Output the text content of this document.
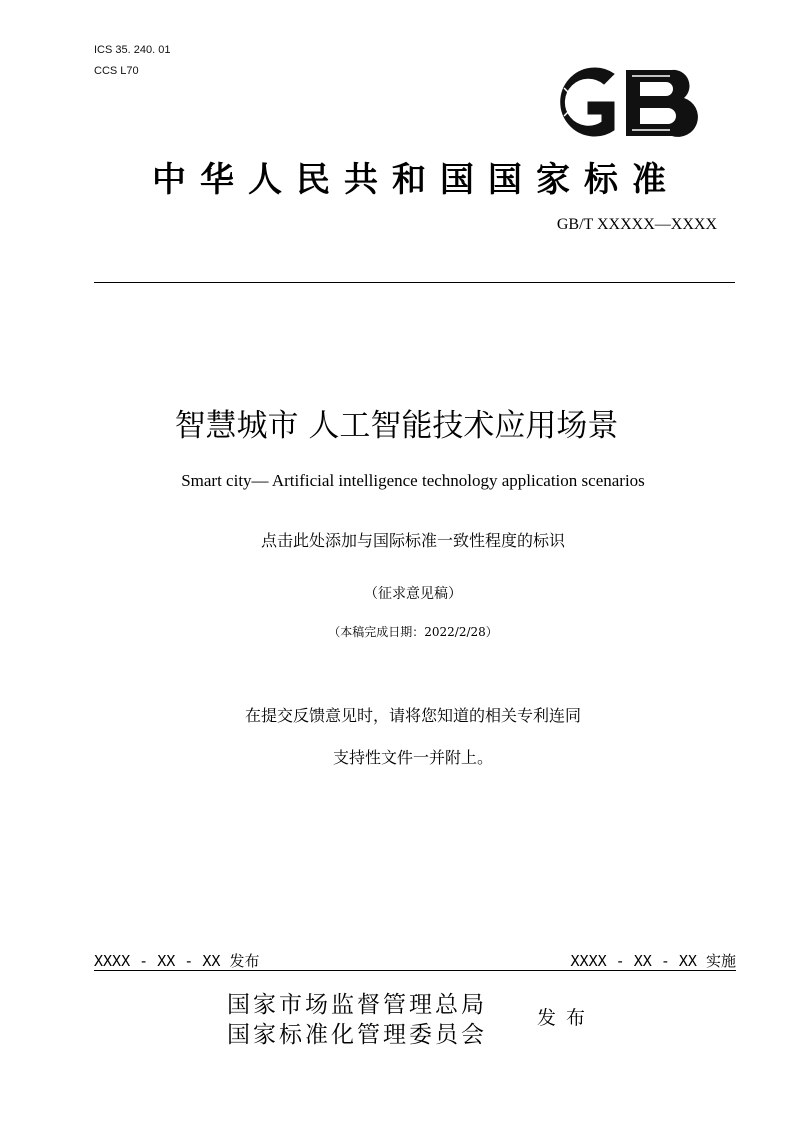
ICS 35. 240. 01
CCS L70
中华人民共和国国家标准
GB/T XXXXX—XXXX
智慧城市 人工智能技术应用场景
Smart city— Artificial intelligence technology application scenarios
点击此处添加与国际标准一致性程度的标识
（征求意见稿）
（本稿完成日期：2022/2/28）
在提交反馈意见时，请将您知道的相关专利连同
支持性文件一并附上。
XXXX - XX - XX 发布	XXXX - XX - XX 实施
国家市场监督管理总局
国家标准化管理委员会
发布
